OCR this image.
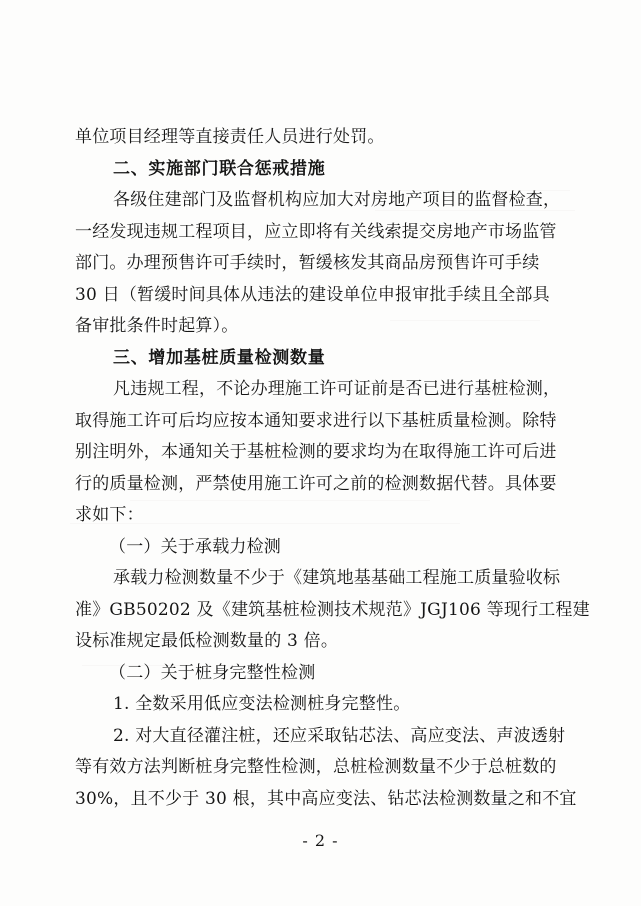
单位项目经理等直接责任人员进行处罚。
二、实施部门联合惩戒措施
各级住建部门及监督机构应加大对房地产项目的监督检查，
一经发现违规工程项目，应立即将有关线索提交房地产市场监管
部门。办理预售许可手续时，暂缓核发其商品房预售许可手续
30 日（暂缓时间具体从违法的建设单位申报审批手续且全部具
备审批条件时起算）。
三、增加基桩质量检测数量
凡违规工程，不论办理施工许可证前是否已进行基桩检测，
取得施工许可后均应按本通知要求进行以下基桩质量检测。除特
别注明外，本通知关于基桩检测的要求均为在取得施工许可后进
行的质量检测，严禁使用施工许可之前的检测数据代替。具体要
求如下：
（一）关于承载力检测
承载力检测数量不少于《建筑地基基础工程施工质量验收标
准》GB50202 及《建筑基桩检测技术规范》JGJ106 等现行工程建
设标准规定最低检测数量的 3 倍。
（二）关于桩身完整性检测
1. 全数采用低应变法检测桩身完整性。
2. 对大直径灌注桩，还应采取钻芯法、高应变法、声波透射
等有效方法判断桩身完整性检测，总桩检测数量不少于总桩数的
30%，且不少于 30 根，其中高应变法、钻芯法检测数量之和不宜
- 2 -
